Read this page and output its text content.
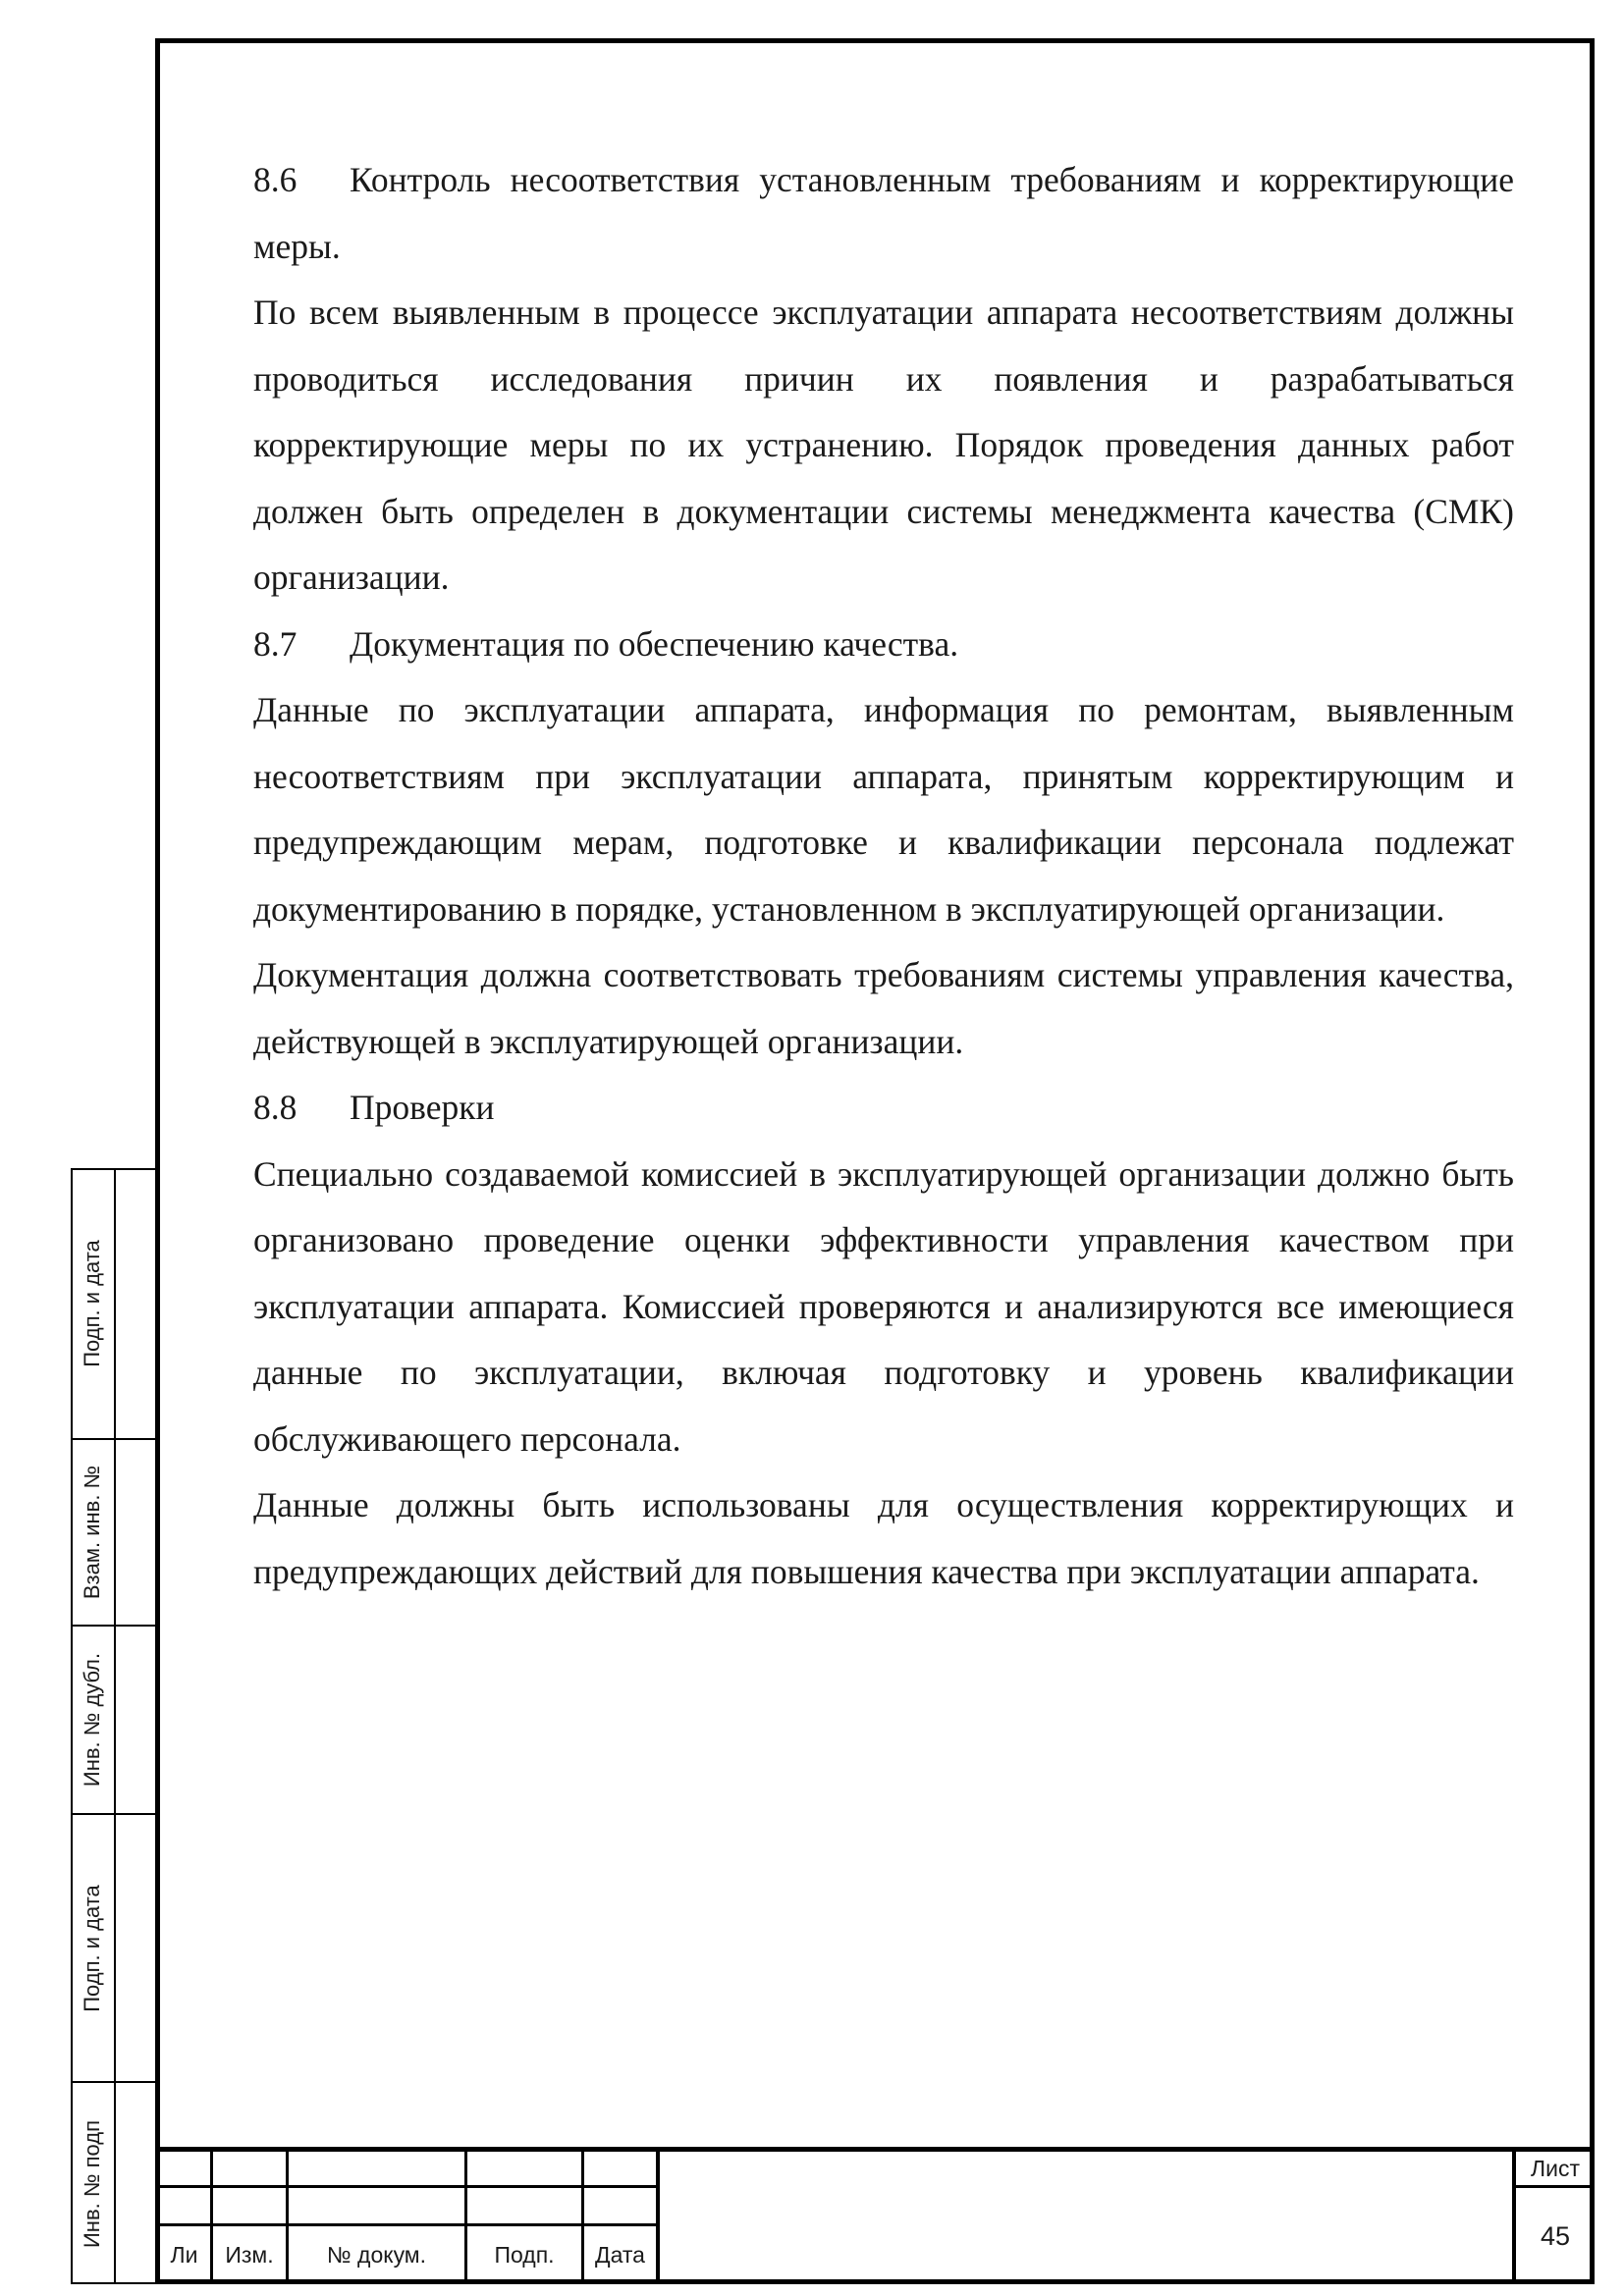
8.6 Контроль несоответствия установленным требованиям и корректирующие меры.

По всем выявленным в процессе эксплуатации аппарата несоответствиям должны проводиться исследования причин их появления и разрабатываться корректирующие меры по их устранению. Порядок проведения данных работ должен быть определен в документации системы менеджмента качества (СМК) организации.

8.7 Документация по обеспечению качества.

Данные по эксплуатации аппарата, информация по ремонтам, выявленным несоответствиям при эксплуатации аппарата, принятым корректирующим и предупреждающим мерам, подготовке и квалификации персонала подлежат документированию в порядке, установленном в эксплуатирующей организации.

Документация должна соответствовать требованиям системы управления качества, действующей в эксплуатирующей организации.

8.8 Проверки

Специально создаваемой комиссией в эксплуатирующей организации должно быть организовано проведение оценки эффективности управления качеством при эксплуатации аппарата. Комиссией проверяются и анализируются все имеющиеся данные по эксплуатации, включая подготовку и уровень квалификации обслуживающего персонала.

Данные должны быть использованы для осуществления корректирующих и предупреждающих действий для повышения качества при эксплуатации аппарата.

Подп. и дата
Взам. инв. №
Инв. № дубл.
Подп. и дата
Инв. № подп
Ли	Изм.	№ докум.	Подп.	Дата
Лист
45
